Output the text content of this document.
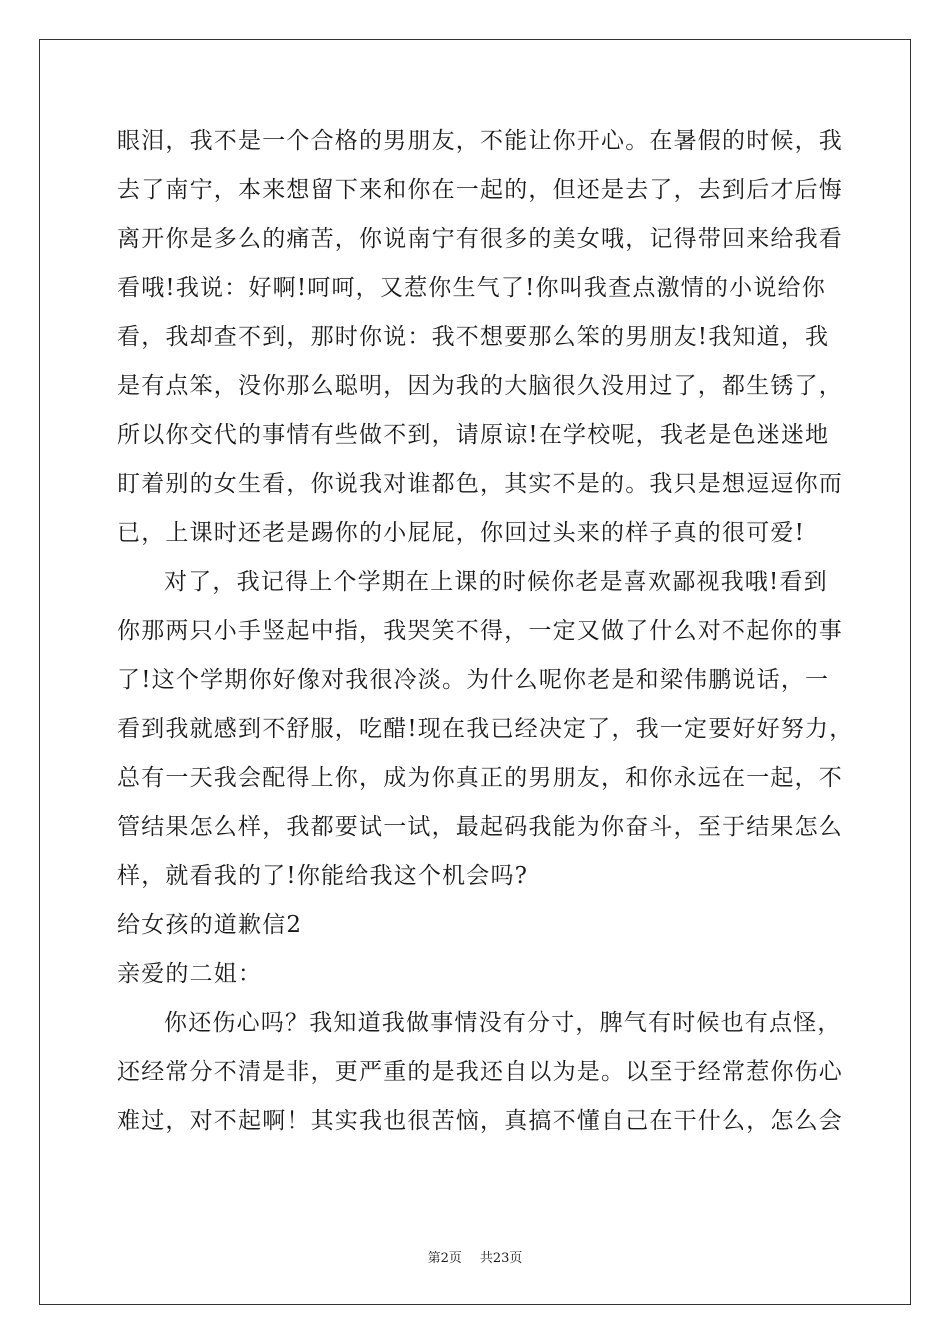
眼泪，我不是一个合格的男朋友，不能让你开心。在暑假的时候，我
去了南宁，本来想留下来和你在一起的，但还是去了，去到后才后悔
离开你是多么的痛苦，你说南宁有很多的美女哦，记得带回来给我看
看哦!我说：好啊!呵呵，又惹你生气了!你叫我查点激情的小说给你
看，我却查不到，那时你说：我不想要那么笨的男朋友!我知道，我
是有点笨，没你那么聪明，因为我的大脑很久没用过了，都生锈了，
所以你交代的事情有些做不到，请原谅!在学校呢，我老是色迷迷地
盯着别的女生看，你说我对谁都色，其实不是的。我只是想逗逗你而
已，上课时还老是踢你的小屁屁，你回过头来的样子真的很可爱!
对了，我记得上个学期在上课的时候你老是喜欢鄙视我哦!看到
你那两只小手竖起中指，我哭笑不得，一定又做了什么对不起你的事
了!这个学期你好像对我很冷淡。为什么呢你老是和梁伟鹏说话，一
看到我就感到不舒服，吃醋!现在我已经决定了，我一定要好好努力，
总有一天我会配得上你，成为你真正的男朋友，和你永远在一起，不
管结果怎么样，我都要试一试，最起码我能为你奋斗，至于结果怎么
样，就看我的了!你能给我这个机会吗?
给女孩的道歉信2
亲爱的二姐：
你还伤心吗？我知道我做事情没有分寸，脾气有时候也有点怪，
还经常分不清是非，更严重的是我还自以为是。以至于经常惹你伤心
难过，对不起啊！其实我也很苦恼，真搞不懂自己在干什么，怎么会
第2页 共23页
